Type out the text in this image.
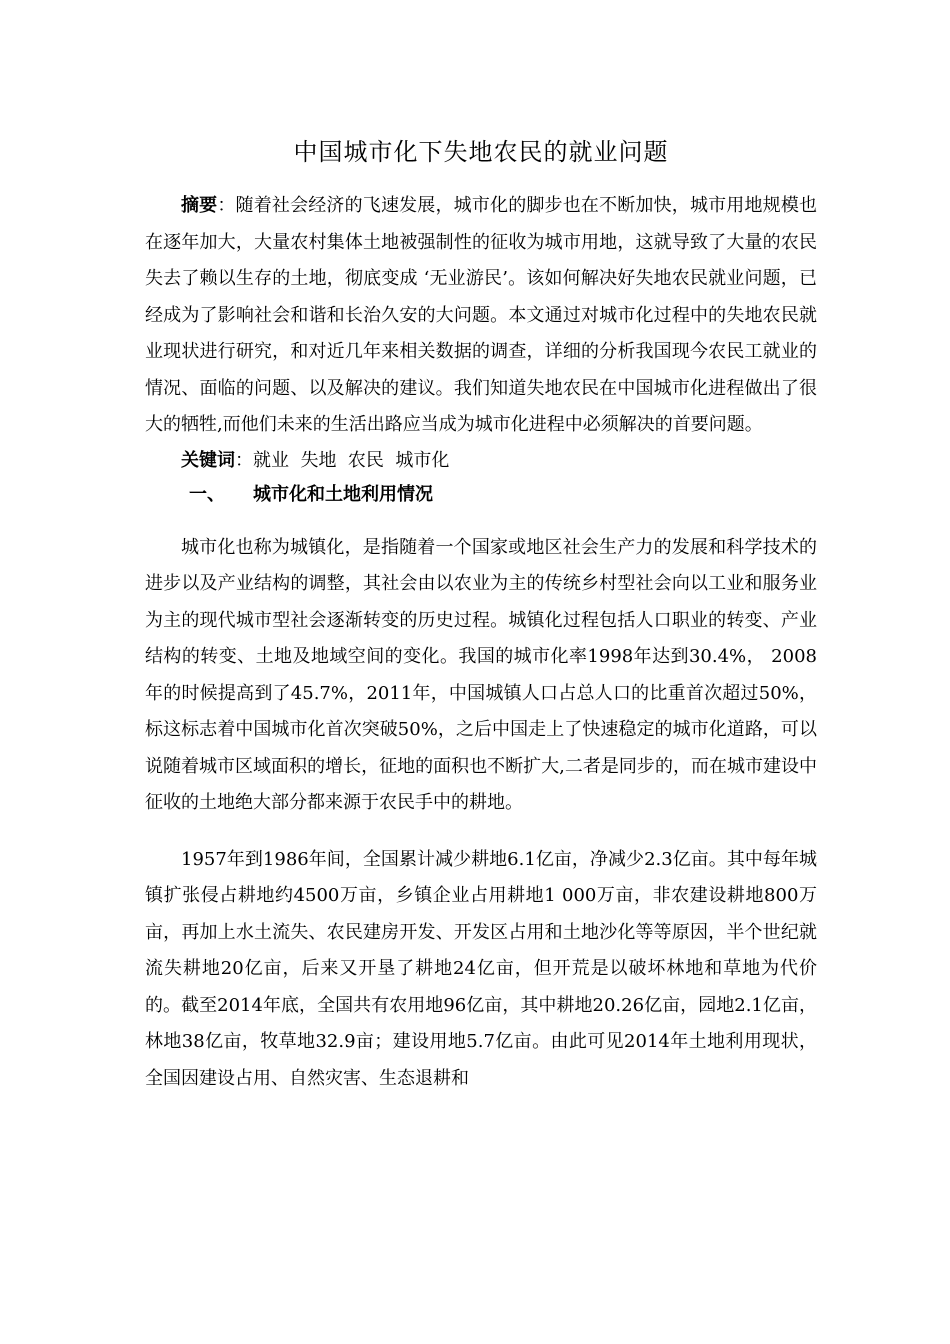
中国城市化下失地农民的就业问题

摘要：随着社会经济的飞速发展，城市化的脚步也在不断加快，城市用地规模也在逐年加大，大量农村集体土地被强制性的征收为城市用地，这就导致了大量的农民失去了赖以生存的土地，彻底变成 ‘无业游民’。该如何解决好失地农民就业问题，已经成为了影响社会和谐和长治久安的大问题。本文通过对城市化过程中的失地农民就业现状进行研究，和对近几年来相关数据的调查，详细的分析我国现今农民工就业的情况、面临的问题、以及解决的建议。我们知道失地农民在中国城市化进程做出了很大的牺牲,而他们未来的生活出路应当成为城市化进程中必须解决的首要问题。

关键词：就业  失地  农民  城市化

一、 城市化和土地利用情况

城市化也称为城镇化，是指随着一个国家或地区社会生产力的发展和科学技术的进步以及产业结构的调整，其社会由以农业为主的传统乡村型社会向以工业和服务业为主的现代城市型社会逐渐转变的历史过程。城镇化过程包括人口职业的转变、产业结构的转变、土地及地域空间的变化。我国的城市化率1998年达到30.4%， 2008年的时候提高到了45.7%，2011年，中国城镇人口占总人口的比重首次超过50%，标这标志着中国城市化首次突破50%，之后中国走上了快速稳定的城市化道路，可以说随着城市区域面积的增长，征地的面积也不断扩大,二者是同步的，而在城市建设中征收的土地绝大部分都来源于农民手中的耕地。

1957年到1986年间，全国累计减少耕地6.1亿亩，净减少2.3亿亩。其中每年城镇扩张侵占耕地约4500万亩，乡镇企业占用耕地1 000万亩，非农建设耕地800万亩，再加上水土流失、农民建房开发、开发区占用和土地沙化等等原因，半个世纪就流失耕地20亿亩，后来又开垦了耕地24亿亩，但开荒是以破坏林地和草地为代价的。截至2014年底，全国共有农用地96亿亩，其中耕地20.26亿亩，园地2.1亿亩，林地38亿亩，牧草地32.9亩；建设用地5.7亿亩。由此可见2014年土地利用现状，全国因建设占用、自然灾害、生态退耕和
